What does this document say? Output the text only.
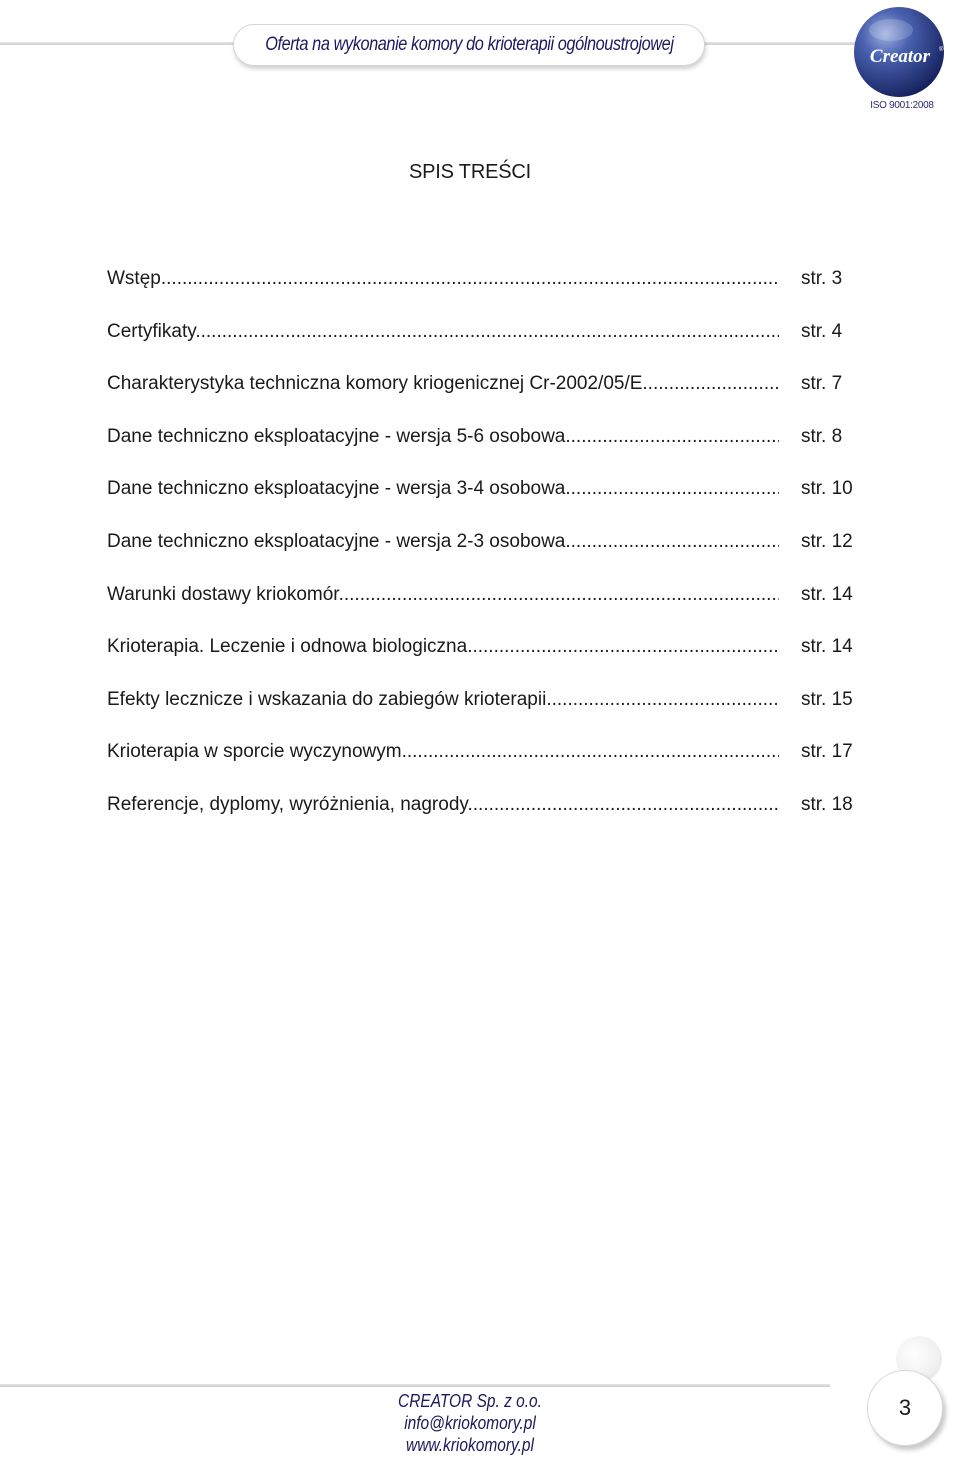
Oferta na wykonanie komory do krioterapii ogólnoustrojowej
Creator ®
ISO 9001:2008
SPIS TREŚCI
Wstęp .....	str. 3
Certyfikaty .....	str. 4
Charakterystyka techniczna komory kriogenicznej Cr-2002/05/E .....	str. 7
Dane techniczno eksploatacyjne - wersja 5-6 osobowa .....	str. 8
Dane techniczno eksploatacyjne - wersja 3-4 osobowa .....	str. 10
Dane techniczno eksploatacyjne - wersja 2-3 osobowa .....	str. 12
Warunki dostawy kriokomór .....	str. 14
Krioterapia. Leczenie i odnowa biologiczna .....	str. 14
Efekty lecznicze i wskazania do zabiegów krioterapii .....	str. 15
Krioterapia w sporcie wyczynowym .....	str. 17
Referencje, dyplomy, wyróżnienia, nagrody .....	str. 18
CREATOR Sp. z o.o.
info@kriokomory.pl
www.kriokomory.pl
3
